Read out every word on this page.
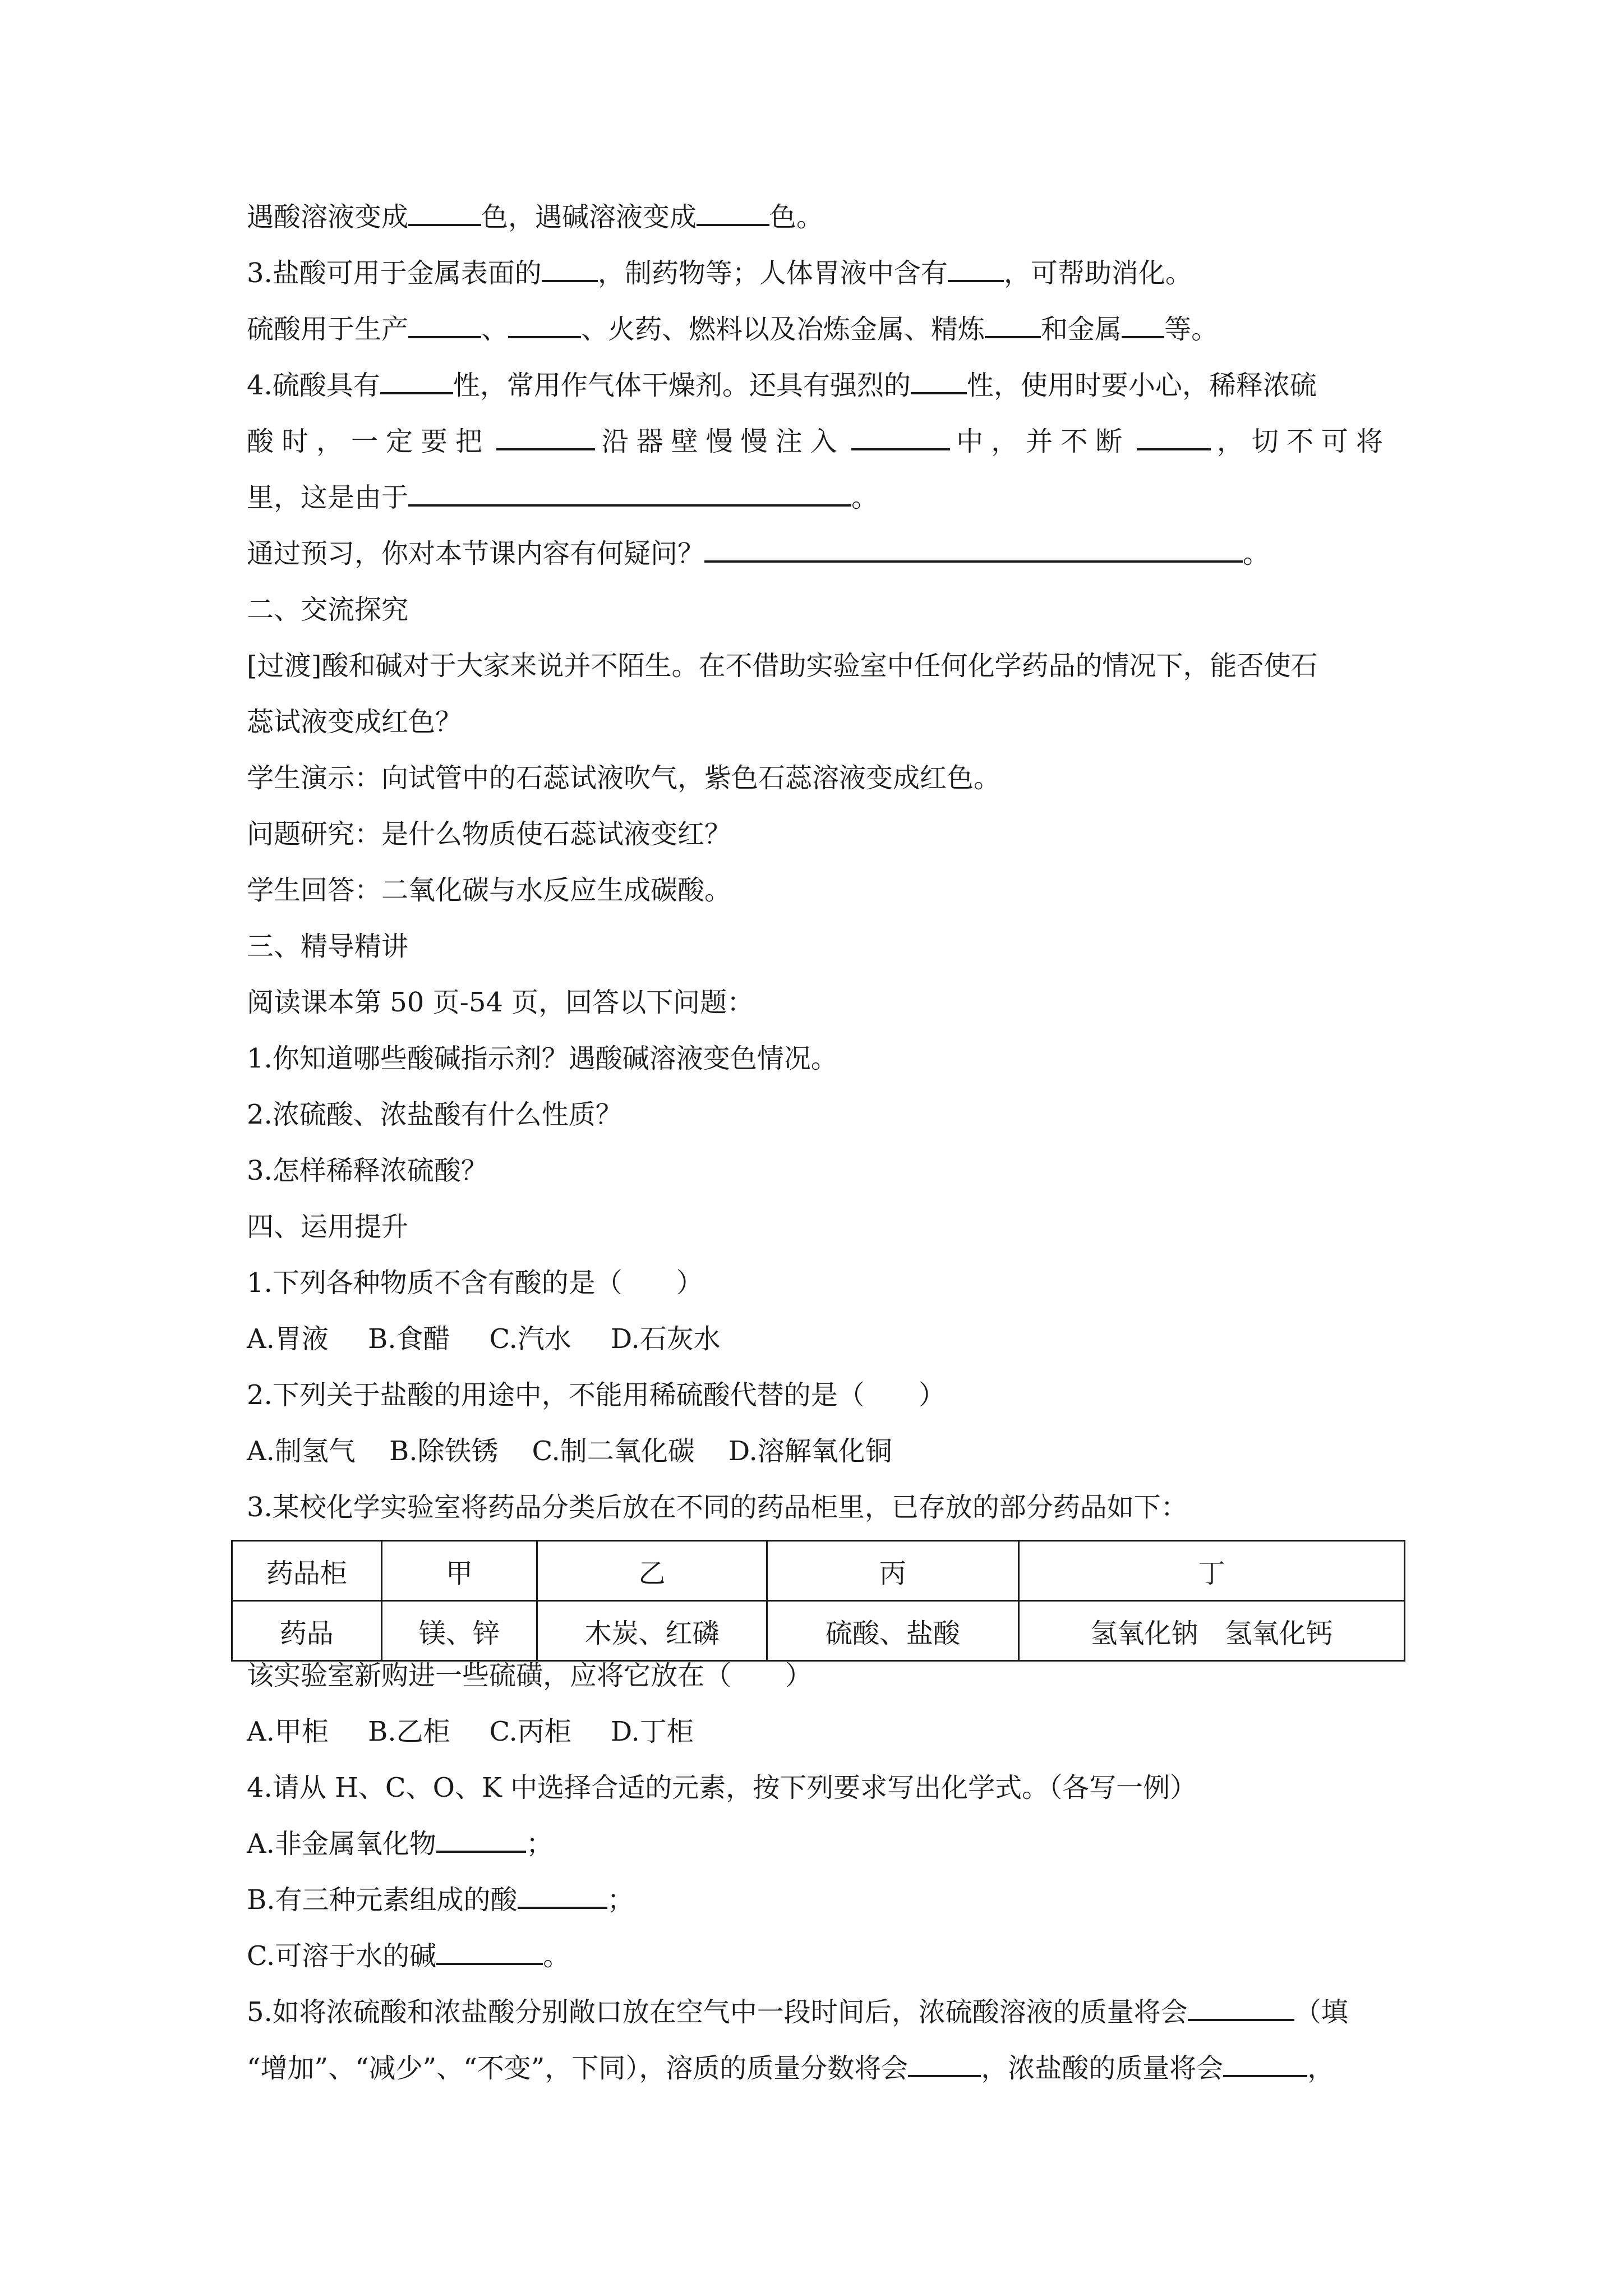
遇酸溶液变成	色，遇碱溶液变成	色。
3.盐酸可用于金属表面的 ，制药物等；人体胃液中含有 ，可帮助消化。
硫酸用于生产	、	、火药、燃料以及冶炼金属、精炼 和金属 等。
4.硫酸具有	性，常用作气体干燥剂。还具有强烈的 性，使用时要小心，稀释浓硫
酸时，一定要把	沿器壁慢慢注入	中，并不断	，切不可将
里，这是由于	。
通过预习，你对本节课内容有何疑问？	。
二、交流探究
[过渡]酸和碱对于大家来说并不陌生。在不借助实验室中任何化学药品的情况下，能否使石
蕊试液变成红色？
学生演示：向试管中的石蕊试液吹气，紫色石蕊溶液变成红色。
问题研究：是什么物质使石蕊试液变红？
学生回答：二氧化碳与水反应生成碳酸。
三、精导精讲
阅读课本第 50 页-54 页，回答以下问题：
1.你知道哪些酸碱指示剂？遇酸碱溶液变色情况。
2.浓硫酸、浓盐酸有什么性质？
3.怎样稀释浓硫酸？
四、运用提升
1.下列各种物质不含有酸的是（　　）
A.胃液 B.食醋 C.汽水 D.石灰水
2.下列关于盐酸的用途中，不能用稀硫酸代替的是（　　）
A.制氢气 B.除铁锈 C.制二氧化碳 D.溶解氧化铜
3.某校化学实验室将药品分类后放在不同的药品柜里，已存放的部分药品如下：
药品柜	甲	乙	丙	丁
药品	镁、锌	木炭、红磷	硫酸、盐酸	氢氧化钠　氢氧化钙
该实验室新购进一些硫磺，应将它放在（　　）
A.甲柜 B.乙柜 C.丙柜 D.丁柜
4.请从 H、C、O、K 中选择合适的元素，按下列要求写出化学式。（各写一例）
A.非金属氧化物	；
B.有三种元素组成的酸	；
C.可溶于水的碱	。
5.如将浓硫酸和浓盐酸分别敞口放在空气中一段时间后，浓硫酸溶液的质量将会	（填
“增加”、“减少”、“不变”，下同），溶质的质量分数将会	，浓盐酸的质量将会	，
